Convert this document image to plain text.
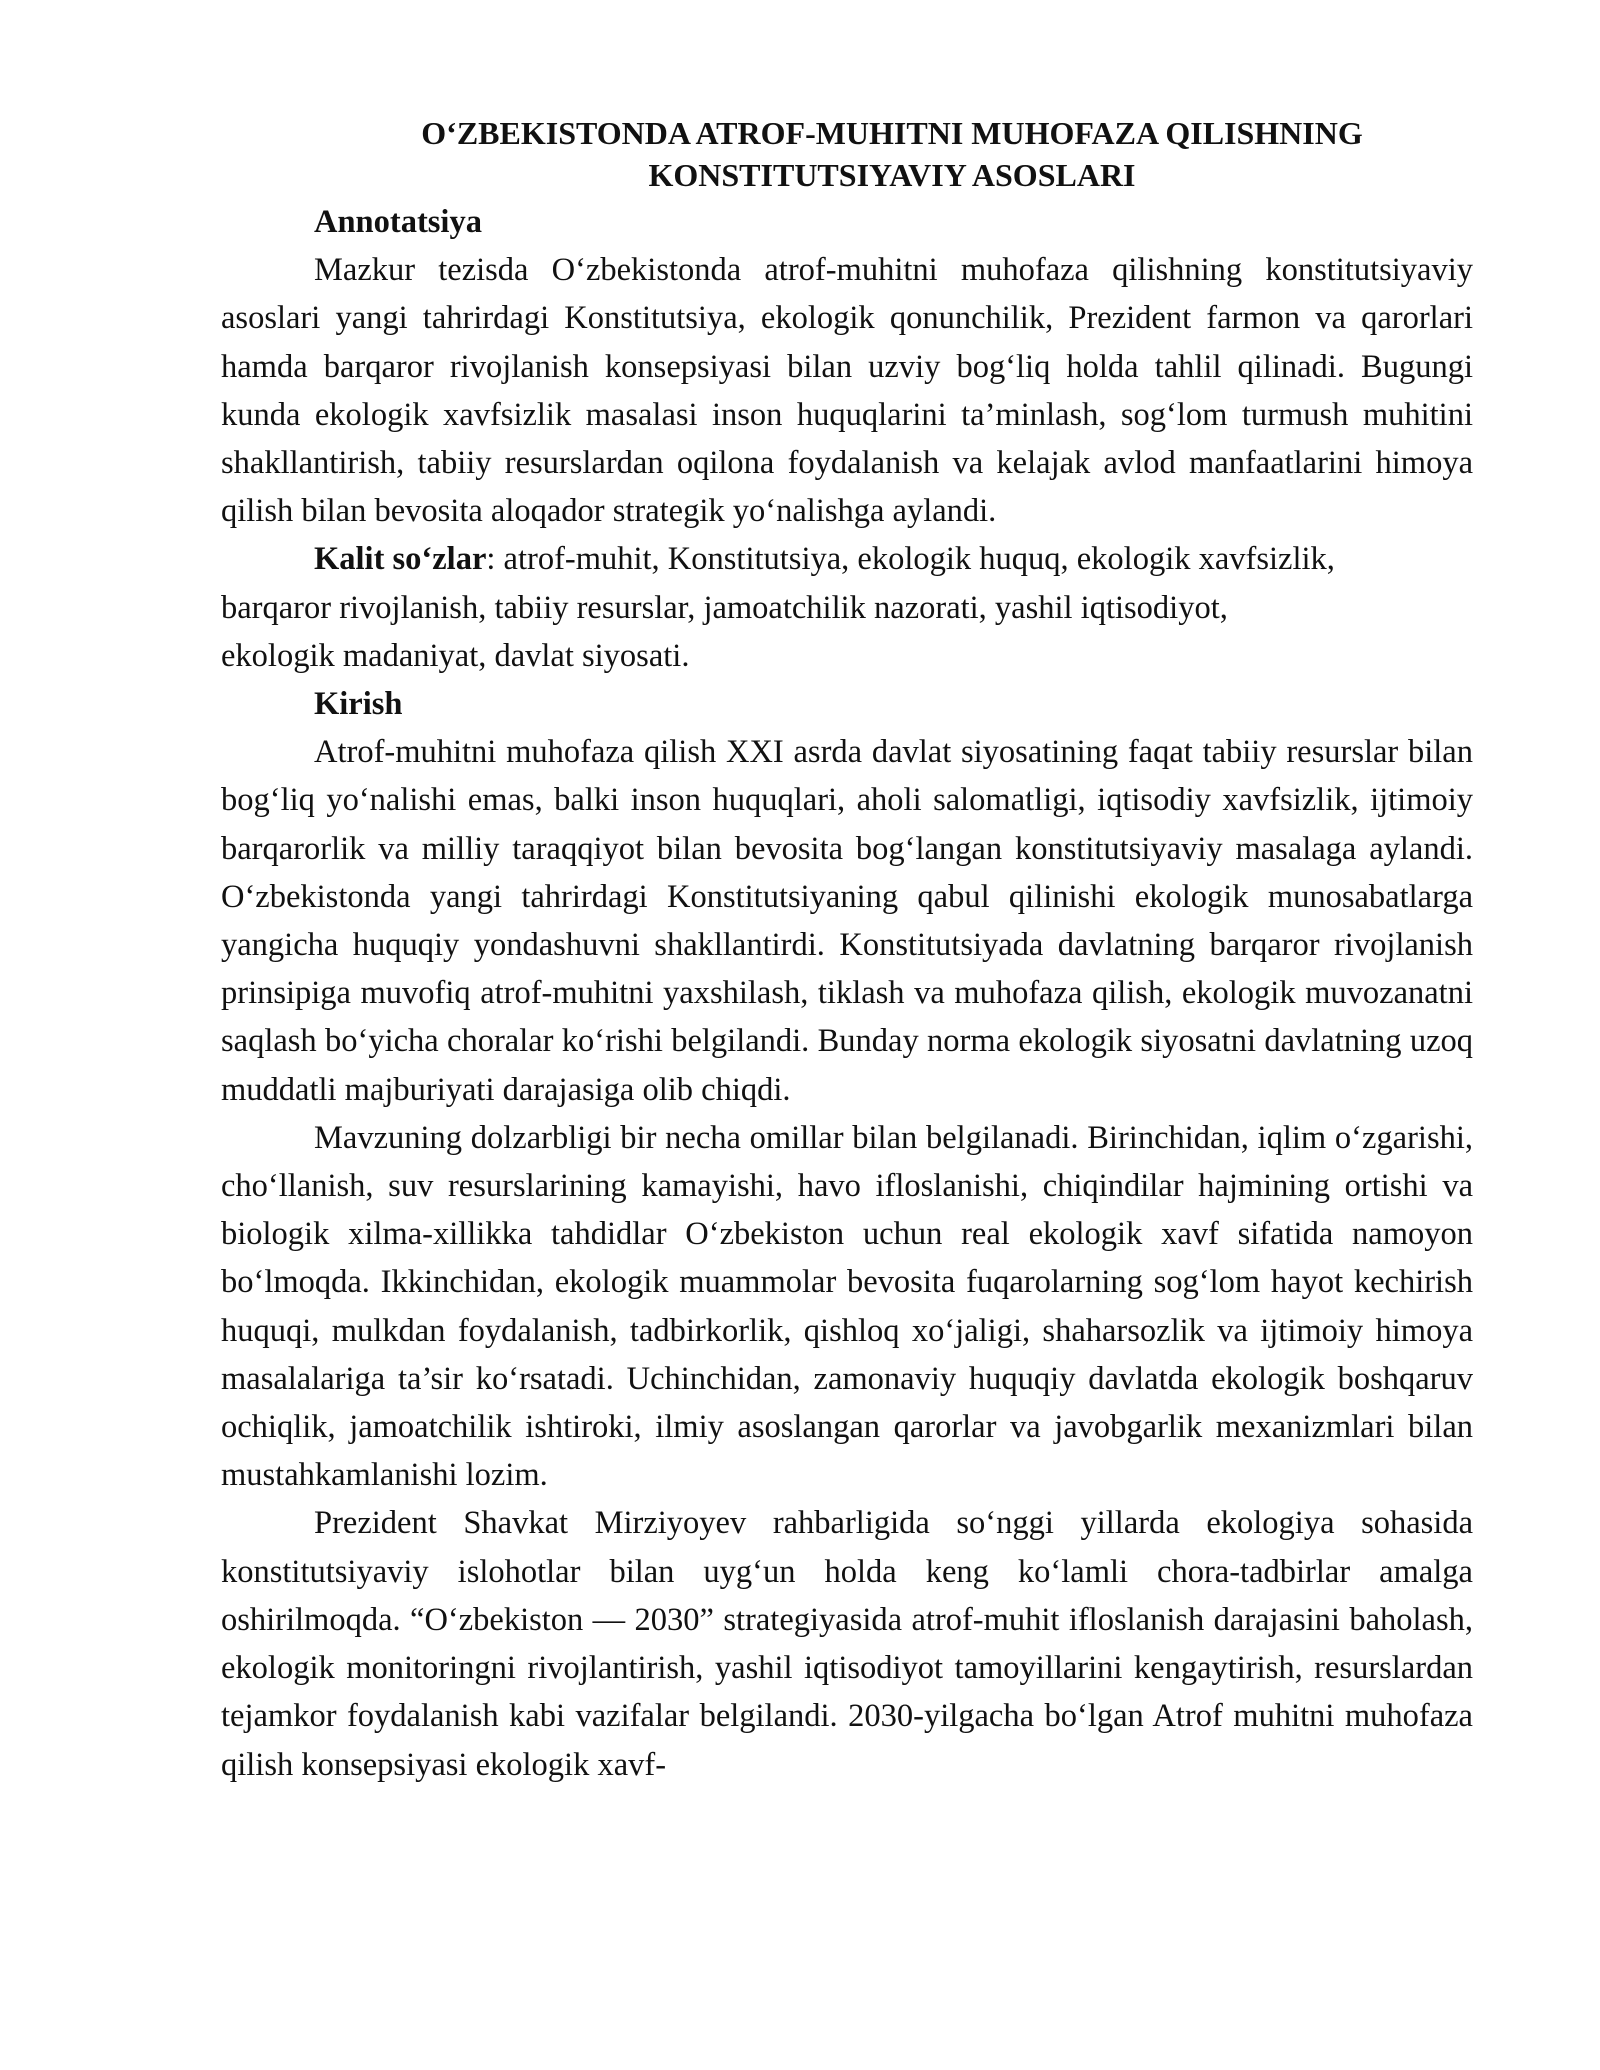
O‘ZBEKISTONDA ATROF-MUHITNI MUHOFAZA QILISHNING
KONSTITUTSIYAVIY ASOSLARI

Annotatsiya

Mazkur tezisda O‘zbekistonda atrof-muhitni muhofaza qilishning konstitutsiyaviy asoslari yangi tahrirdagi Konstitutsiya, ekologik qonunchilik, Prezident farmon va qarorlari hamda barqaror rivojlanish konsepsiyasi bilan uzviy bog‘liq holda tahlil qilinadi. Bugungi kunda ekologik xavfsizlik masalasi inson huquqlarini ta’minlash, sog‘lom turmush muhitini shakllantirish, tabiiy resurslardan oqilona foydalanish va kelajak avlod manfaatlarini himoya qilish bilan bevosita aloqador strategik yo‘nalishga aylandi.

Kalit so‘zlar: atrof-muhit, Konstitutsiya, ekologik huquq, ekologik xavfsizlik,
barqaror rivojlanish, tabiiy resurslar, jamoatchilik nazorati, yashil iqtisodiyot,
ekologik madaniyat, davlat siyosati.

Kirish

Atrof-muhitni muhofaza qilish XXI asrda davlat siyosatining faqat tabiiy resurslar bilan bog‘liq yo‘nalishi emas, balki inson huquqlari, aholi salomatligi, iqtisodiy xavfsizlik, ijtimoiy barqarorlik va milliy taraqqiyot bilan bevosita bog‘langan konstitutsiyaviy masalaga aylandi. O‘zbekistonda yangi tahrirdagi Konstitutsiyaning qabul qilinishi ekologik munosabatlarga yangicha huquqiy yondashuvni shakllantirdi. Konstitutsiyada davlatning barqaror rivojlanish prinsipiga muvofiq atrof-muhitni yaxshilash, tiklash va muhofaza qilish, ekologik muvozanatni saqlash bo‘yicha choralar ko‘rishi belgilandi. Bunday norma ekologik siyosatni davlatning uzoq muddatli majburiyati darajasiga olib chiqdi.

Mavzuning dolzarbligi bir necha omillar bilan belgilanadi. Birinchidan, iqlim o‘zgarishi, cho‘llanish, suv resurslarining kamayishi, havo ifloslanishi, chiqindilar hajmining ortishi va biologik xilma-xillikka tahdidlar O‘zbekiston uchun real ekologik xavf sifatida namoyon bo‘lmoqda. Ikkinchidan, ekologik muammolar bevosita fuqarolarning sog‘lom hayot kechirish huquqi, mulkdan foydalanish, tadbirkorlik, qishloq xo‘jaligi, shaharsozlik va ijtimoiy himoya masalalariga ta’sir ko‘rsatadi. Uchinchidan, zamonaviy huquqiy davlatda ekologik boshqaruv ochiqlik, jamoatchilik ishtiroki, ilmiy asoslangan qarorlar va javobgarlik mexanizmlari bilan mustahkamlanishi lozim.

Prezident Shavkat Mirziyoyev rahbarligida so‘nggi yillarda ekologiya sohasida konstitutsiyaviy islohotlar bilan uyg‘un holda keng ko‘lamli chora-tadbirlar amalga oshirilmoqda. “O‘zbekiston — 2030” strategiyasida atrof-muhit ifloslanish darajasini baholash, ekologik monitoringni rivojlantirish, yashil iqtisodiyot tamoyillarini kengaytirish, resurslardan tejamkor foydalanish kabi vazifalar belgilandi. 2030-yilgacha bo‘lgan Atrof muhitni muhofaza qilish konsepsiyasi ekologik xavf-
